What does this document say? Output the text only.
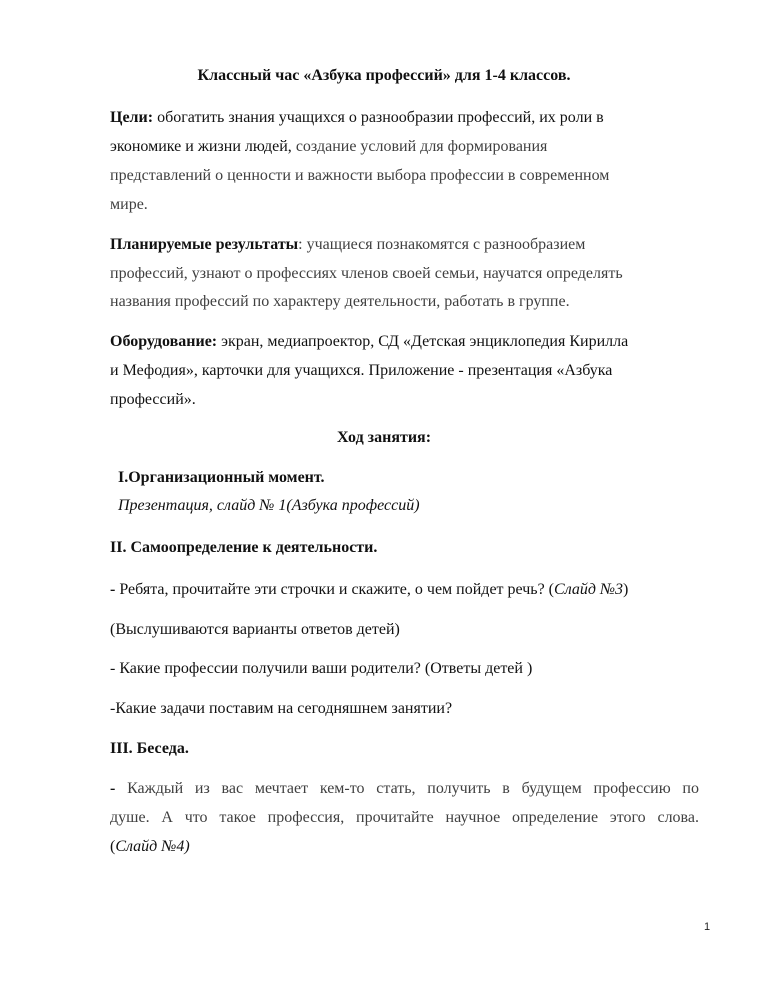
Классный час «Азбука профессий» для 1-4 классов.

Цели: обогатить знания учащихся о разнообразии профессий, их роли в

экономике и жизни людей, создание условий для формирования

представлений о ценности и важности выбора профессии в современном

мире.

Планируемые результаты: учащиеся познакомятся с разнообразием

профессий, узнают о профессиях членов своей семьи, научатся определять

названия профессий по характеру деятельности, работать в группе.

Оборудование: экран, медиапроектор, СД «Детская энциклопедия Кирилла

и Мефодия», карточки для учащихся. Приложение - презентация «Азбука

профессий».

Ход занятия:

I.Организационный момент.

Презентация, слайд № 1(Азбука профессий)

II. Самоопределение к деятельности.

- Ребята, прочитайте эти строчки и скажите, о чем пойдет речь? (Слайд №3)

(Выслушиваются варианты ответов детей)

- Какие профессии получили ваши родители? (Ответы детей )

-Какие задачи поставим на сегодняшнем занятии?

III. Беседа.

- Каждый из вас мечтает кем-то стать, получить в будущем профессию по

душе. А что такое профессия, прочитайте научное определение этого слова.

(Слайд №4)

1
